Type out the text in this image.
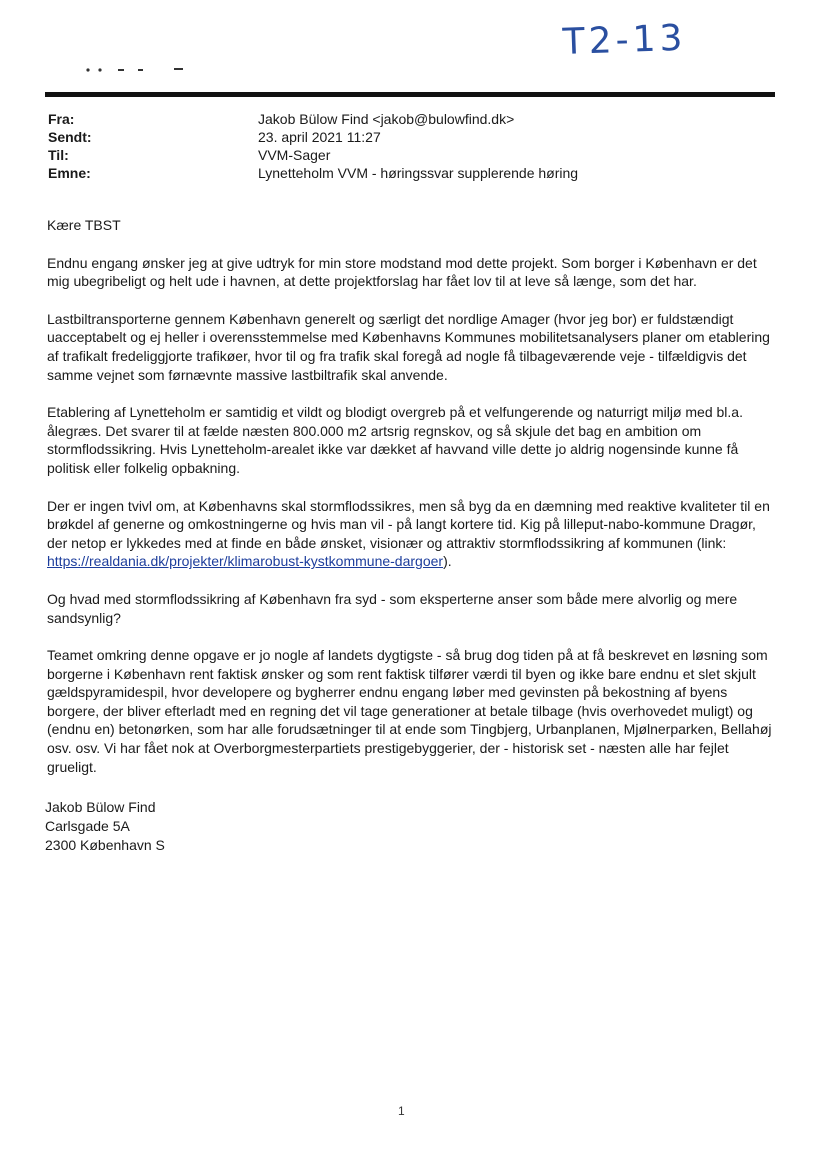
T2-13
Fra:	Jakob Bülow Find <jakob@bulowfind.dk>
Sendt:	23. april 2021 11:27
Til:	VVM-Sager
Emne:	Lynetteholm VVM - høringssvar supplerende høring

Kære TBST

Endnu engang ønsker jeg at give udtryk for min store modstand mod dette projekt. Som borger i København er det mig ubegribeligt og helt ude i havnen, at dette projektforslag har fået lov til at leve så længe, som det har.

Lastbiltransporterne gennem København generelt og særligt det nordlige Amager (hvor jeg bor) er fuldstændigt uacceptabelt og ej heller i overensstemmelse med Københavns Kommunes mobilitetsanalysers planer om etablering af trafikalt fredeliggjorte trafikøer, hvor til og fra trafik skal foregå ad nogle få tilbageværende veje - tilfældigvis det samme vejnet som førnævnte massive lastbiltrafik skal anvende.

Etablering af Lynetteholm er samtidig et vildt og blodigt overgreb på et velfungerende og naturrigt miljø med bl.a. ålegræs. Det svarer til at fælde næsten 800.000 m2 artsrig regnskov, og så skjule det bag en ambition om stormflodssikring. Hvis Lynetteholm-arealet ikke var dækket af havvand ville dette jo aldrig nogensinde kunne få politisk eller folkelig opbakning.

Der er ingen tvivl om, at Københavns skal stormflodssikres, men så byg da en dæmning med reaktive kvaliteter til en brøkdel af generne og omkostningerne og hvis man vil - på langt kortere tid. Kig på lilleput-nabo-kommune Dragør, der netop er lykkedes med at finde en både ønsket, visionær og attraktiv stormflodssikring af kommunen (link: https://realdania.dk/projekter/klimarobust-kystkommune-dargoer).

Og hvad med stormflodssikring af København fra syd - som eksperterne anser som både mere alvorlig og mere sandsynlig?

Teamet omkring denne opgave er jo nogle af landets dygtigste - så brug dog tiden på at få beskrevet en løsning som borgerne i København rent faktisk ønsker og som rent faktisk tilfører værdi til byen og ikke bare endnu et slet skjult gældspyramidespil, hvor developere og bygherrer endnu engang løber med gevinsten på bekostning af byens borgere, der bliver efterladt med en regning det vil tage generationer at betale tilbage (hvis overhovedet muligt) og (endnu en) betonørken, som har alle forudsætninger til at ende som Tingbjerg, Urbanplanen, Mjølnerparken, Bellahøj osv. osv. Vi har fået nok at Overborgmesterpartiets prestigebyggerier, der - historisk set - næsten alle har fejlet grueligt.

Jakob Bülow Find
Carlsgade 5A
2300 København S
1
